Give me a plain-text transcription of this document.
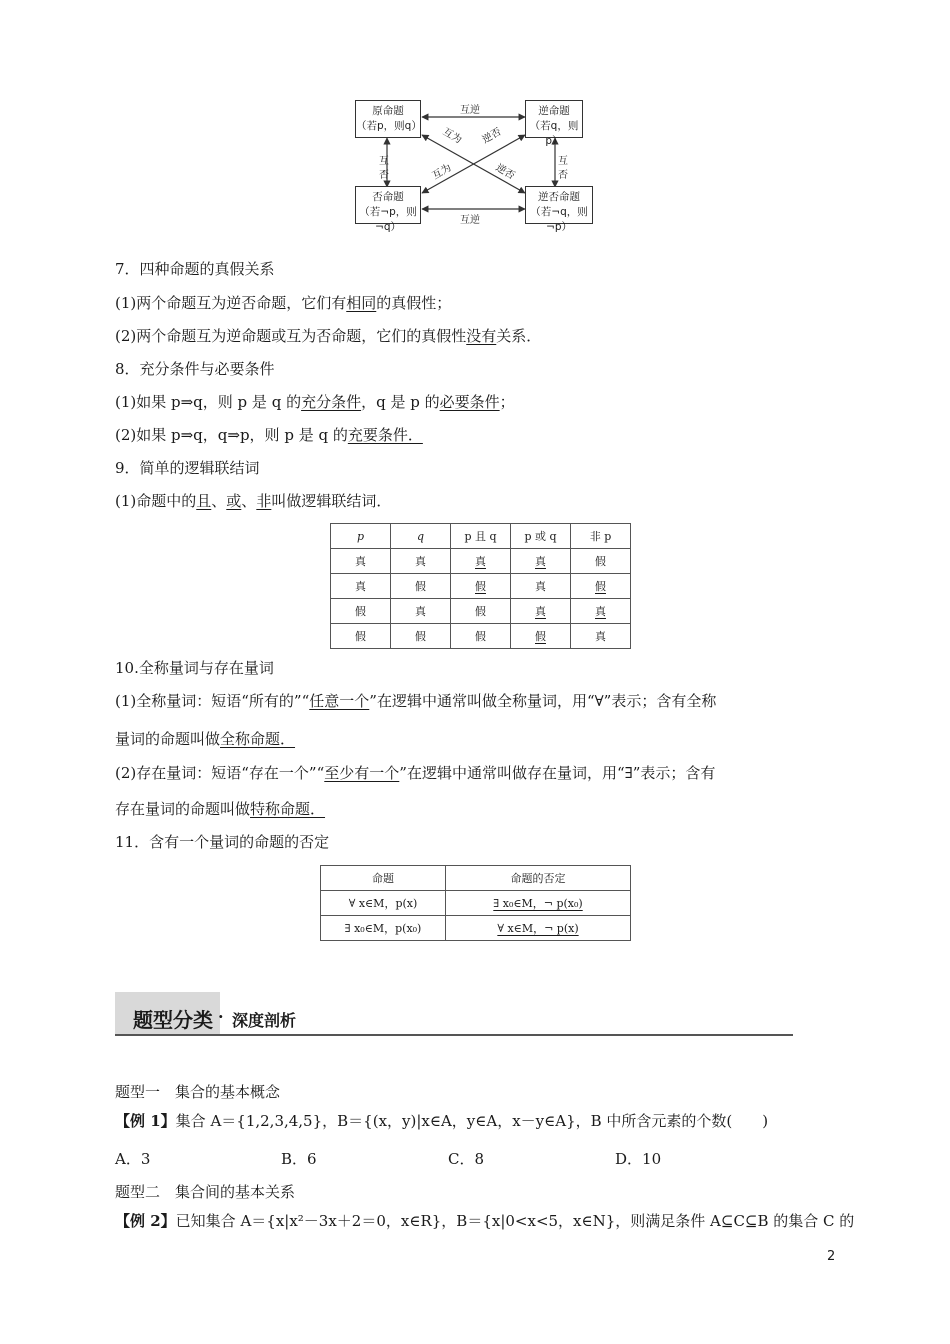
原命题
（若p，则q）
逆命题
（若q，则p）
否命题
（若¬p，则¬q）
逆否命题
（若¬q，则¬p）
互逆
互逆
互
否
互
否
互为 逆否
互为	逆否
7．四种命题的真假关系
(1)两个命题互为逆否命题，它们有相同的真假性；
(2)两个命题互为逆命题或互为否命题，它们的真假性没有关系．
8．充分条件与必要条件
(1)如果 p⇒q，则 p 是 q 的充分条件，q 是 p 的必要条件；
(2)如果 p⇒q，q⇒p，则 p 是 q 的充要条件．
9．简单的逻辑联结词
(1)命题中的且、或、非叫做逻辑联结词．
p	q	p 且 q	p 或 q	非 p
真	真	真	真	假
真	假	假	真	假
假	真	假	真	真
假	假	假	假	真
10.全称量词与存在量词
(1)全称量词：短语“所有的”“任意一个”在逻辑中通常叫做全称量词，用“∀”表示；含有全称
量词的命题叫做全称命题．
(2)存在量词：短语“存在一个”“至少有一个”在逻辑中通常叫做存在量词，用“∃”表示；含有
存在量词的命题叫做特称命题．
11．含有一个量词的命题的否定
命题	命题的否定
∀ x∈M，p(x)	∃ x₀∈M，¬ p(x₀)
∃ x₀∈M，p(x₀)	∀ x∈M，¬ p(x)
题型分类 · 深度剖析
题型一　集合的基本概念
【例 1】集合 A＝{1,2,3,4,5}，B＝{(x，y)|x∈A，y∈A，x－y∈A}，B 中所含元素的个数(　　)
A．3	B．6	C．8	D．10
题型二　集合间的基本关系
【例 2】已知集合 A＝{x|x²－3x＋2＝0，x∈R}，B＝{x|0<x<5，x∈N}，则满足条件 A⊆C⊆B 的集合 C 的
2
